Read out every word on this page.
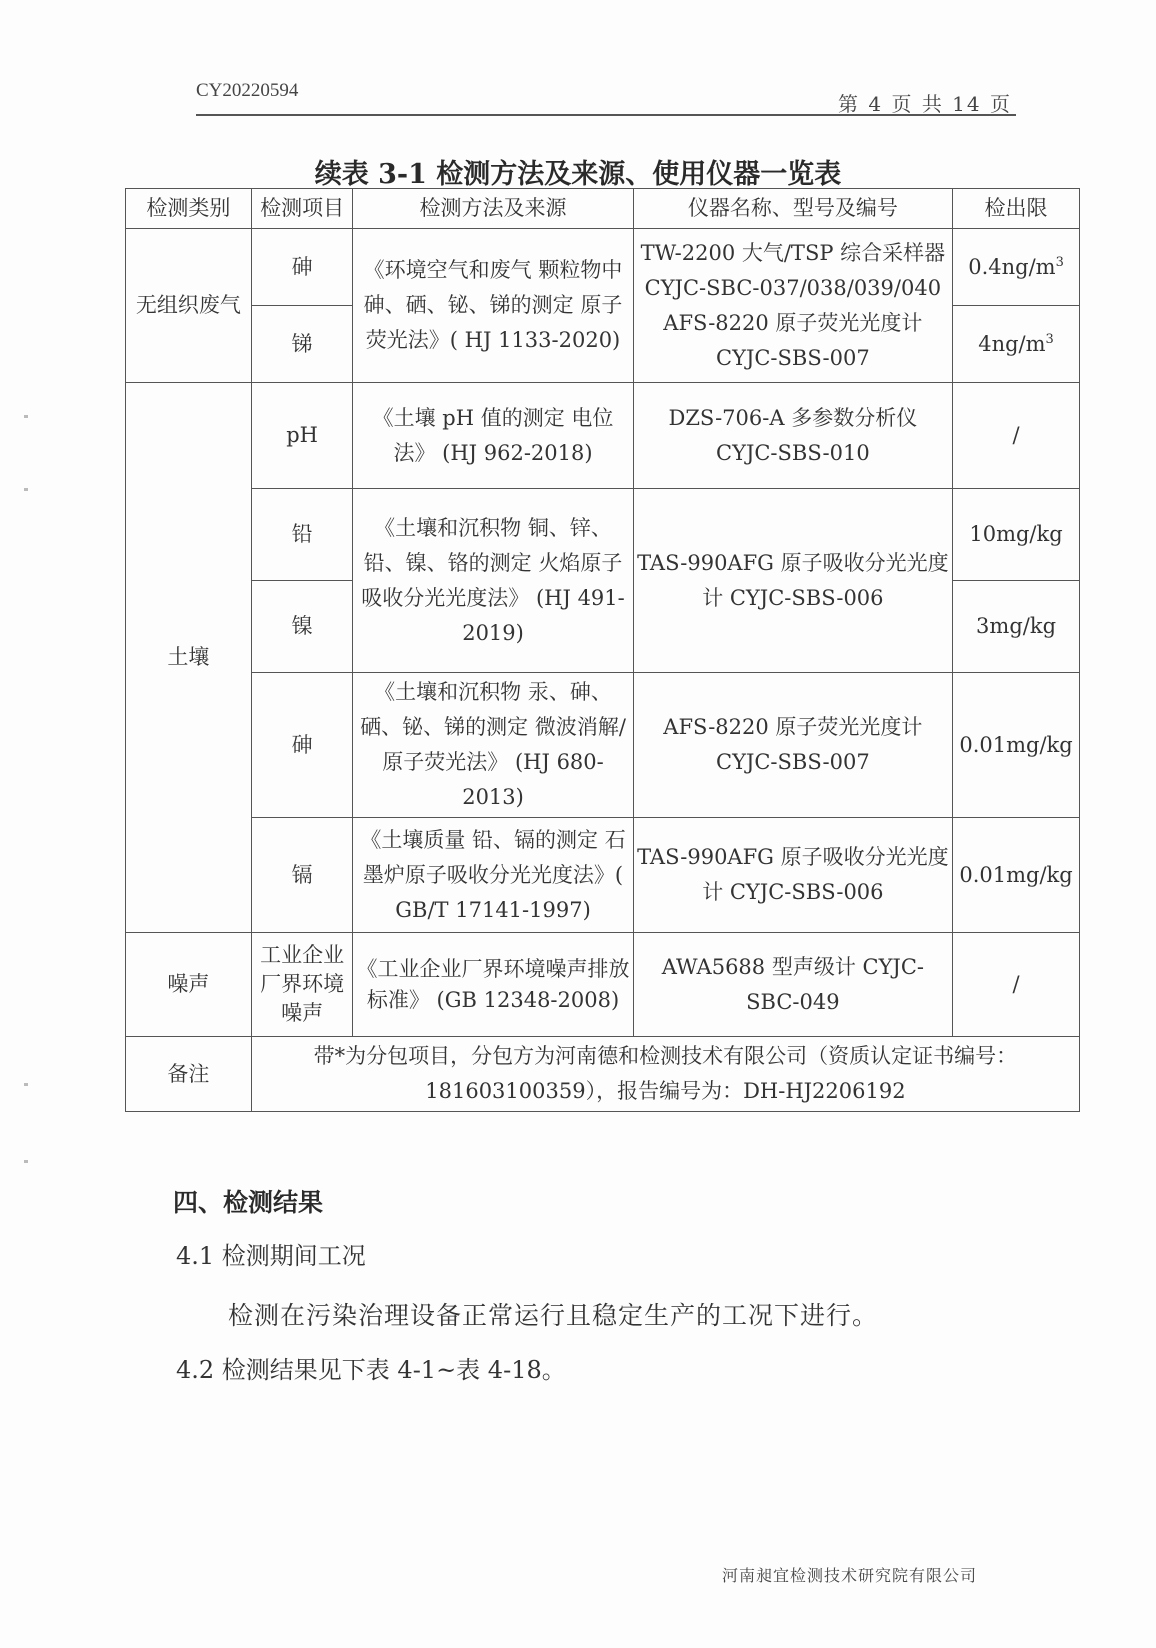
CY20220594
第 4 页 共 14 页
续表 3-1 检测方法及来源、使用仪器一览表
检测类别	检测项目	检测方法及来源	仪器名称、型号及编号	检出限
无组织废气	砷	《环境空气和废气 颗粒物中砷、硒、铋、锑的测定 原子荧光法》( HJ 1133-2020)	TW-2200 大气/TSP 综合采样器 CYJC-SBC-037/038/039/040 AFS-8220 原子荧光光度计 CYJC-SBS-007	$0.4ng/m^3$
	锑			$4ng/m^3$
土壤	pH	《土壤 pH 值的测定 电位法》 (HJ 962-2018)	DZS-706-A 多参数分析仪 CYJC-SBS-010	/
	铅	《土壤和沉积物 铜、锌、铅、镍、铬的测定 火焰原子吸收分光光度法》 (HJ 491-2019)	TAS-990AFG 原子吸收分光光度计 CYJC-SBS-006	10mg/kg
	镍			3mg/kg
	砷	《土壤和沉积物 汞、砷、硒、铋、锑的测定 微波消解/原子荧光法》 (HJ 680-2013)	AFS-8220 原子荧光光度计 CYJC-SBS-007	0.01mg/kg
	镉	《土壤质量 铅、镉的测定 石墨炉原子吸收分光光度法》( GB/T 17141-1997)	TAS-990AFG 原子吸收分光光度计 CYJC-SBS-006	0.01mg/kg
噪声	工业企业厂界环境噪声	《工业企业厂界环境噪声排放标准》 (GB 12348-2008)	AWA5688 型声级计 CYJC-SBC-049	/
备注	带*为分包项目，分包方为河南德和检测技术有限公司（资质认定证书编号：181603100359），报告编号为：DH-HJ2206192			
四、检测结果
4.1 检测期间工况
检测在污染治理设备正常运行且稳定生产的工况下进行。
4.2 检测结果见下表 4-1~表 4-18。
河南昶宜检测技术研究院有限公司
